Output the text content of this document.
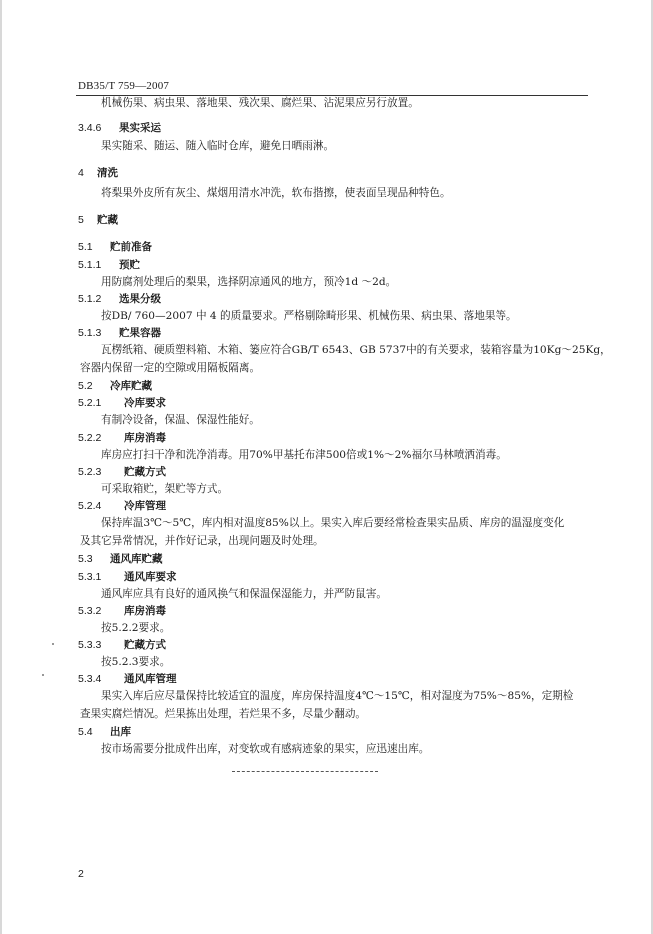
DB35/T 759—2007
机械伤果、病虫果、落地果、残次果、腐烂果、沾泥果应另行放置。
3.4.6 果实采运
果实随采、随运、随入临时仓库，避免日晒雨淋。
4 清洗
将梨果外皮所有灰尘、煤烟用清水冲洗，软布揩擦，使表面呈现品种特色。
5 贮藏
5.1 贮前准备
5.1.1 预贮
用防腐剂处理后的梨果，选择阴凉通风的地方，预冷1d ～2d。
5.1.2 选果分级
按DB/ 760—2007 中 4 的质量要求。严格剔除畸形果、机械伤果、病虫果、落地果等。
5.1.3 贮果容器
瓦楞纸箱、硬质塑料箱、木箱、篓应符合GB/T 6543、GB 5737中的有关要求，装箱容量为10Kg～25Kg，
容器内保留一定的空隙或用隔板隔离。
5.2 冷库贮藏
5.2.1 冷库要求
有制冷设备，保温、保湿性能好。
5.2.2 库房消毒
库房应打扫干净和洗净消毒。用70%甲基托布津500倍或1%～2%福尔马林喷洒消毒。
5.2.3 贮藏方式
可采取箱贮，架贮等方式。
5.2.4 冷库管理
保持库温3℃～5℃，库内相对温度85%以上。果实入库后要经常检查果实品质、库房的温湿度变化
及其它异常情况，并作好记录，出现问题及时处理。
5.3 通风库贮藏
5.3.1 通风库要求
通风库应具有良好的通风换气和保温保湿能力，并严防鼠害。
5.3.2 库房消毒
按5.2.2要求。
5.3.3 贮藏方式
按5.2.3要求。
5.3.4 通风库管理
果实入库后应尽量保持比较适宜的温度，库房保持温度4℃～15℃，相对湿度为75%～85%，定期检
查果实腐烂情况。烂果拣出处理，若烂果不多，尽量少翻动。
5.4 出库
按市场需要分批成件出库，对变软或有感病迹象的果实，应迅速出库。
2
